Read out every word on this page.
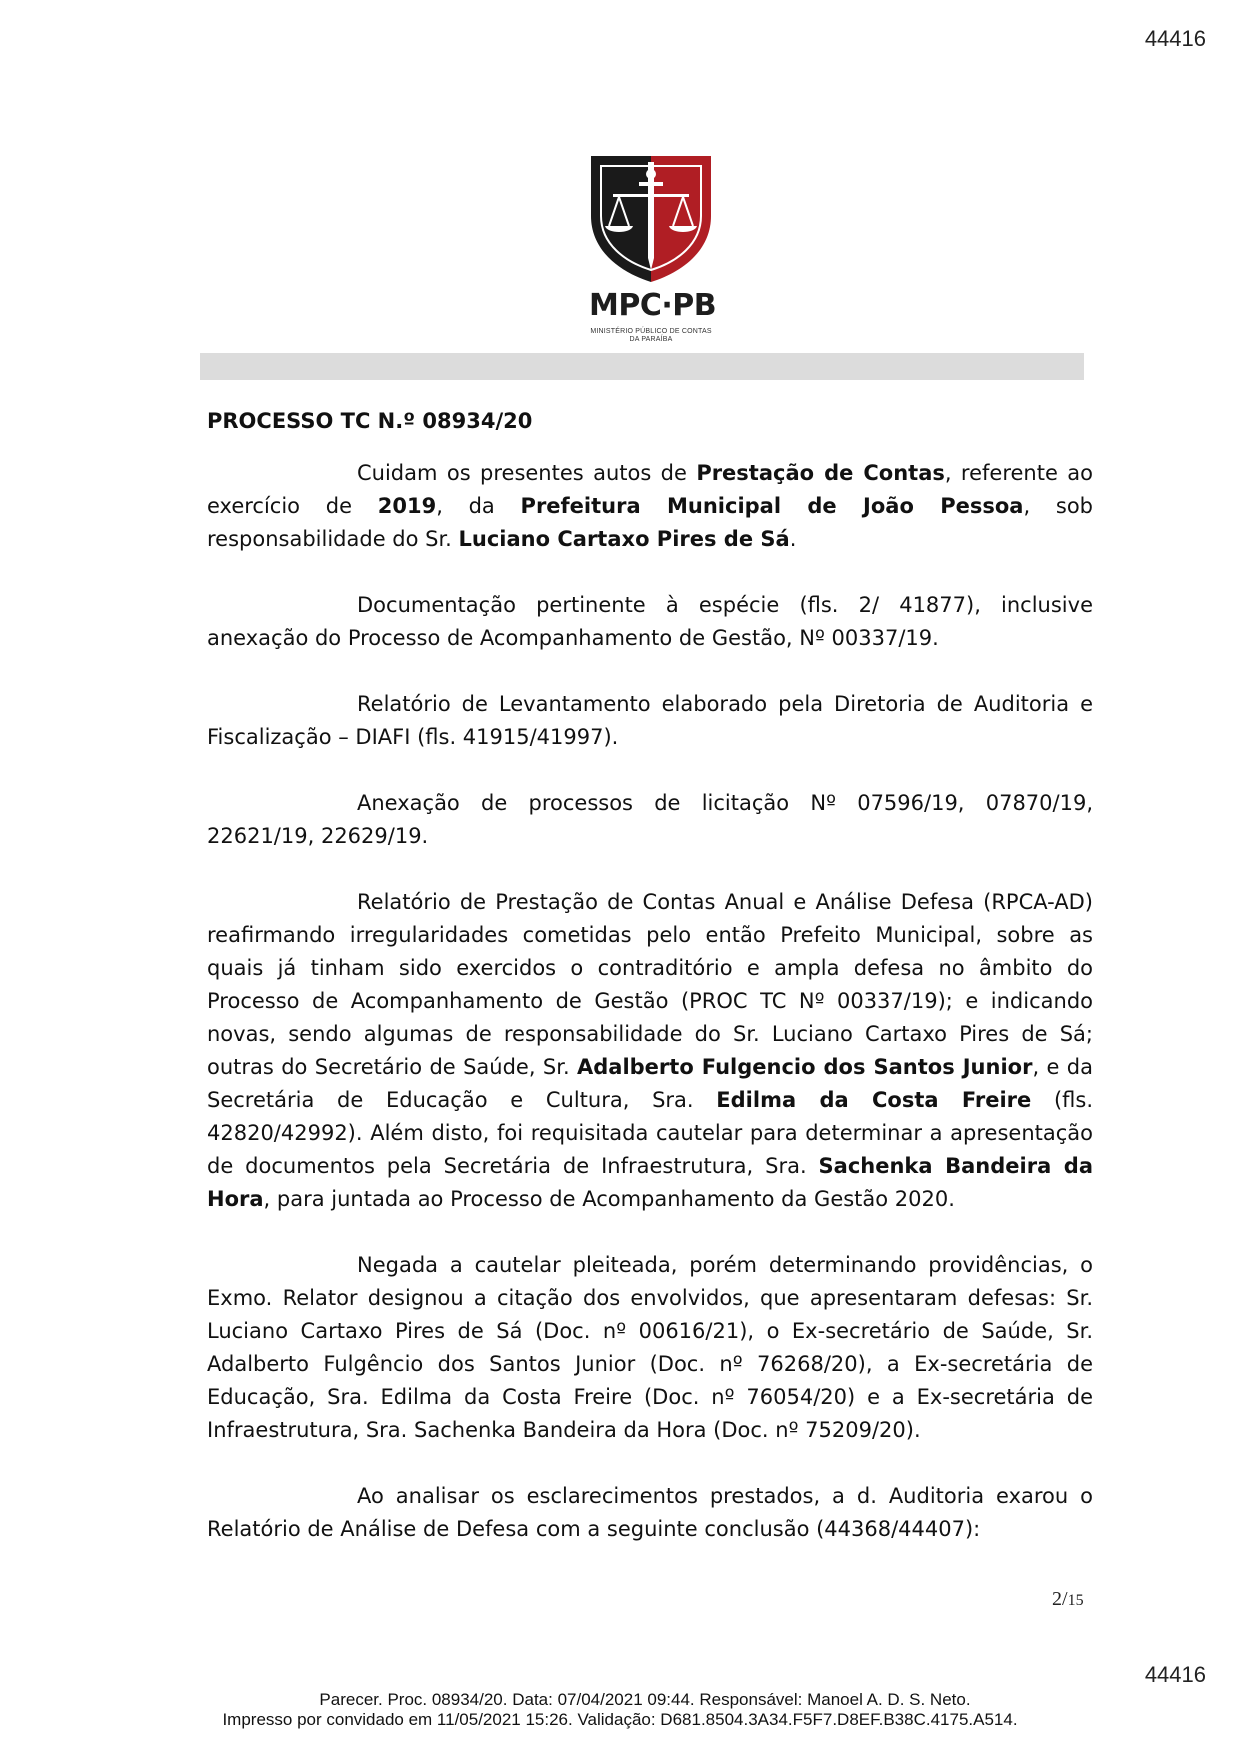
44416
MPC·PB
MINISTÉRIO PÚBLICO DE CONTAS
DA PARAÍBA
PROCESSO TC N.º 08934/20

Cuidam os presentes autos de Prestação de Contas, referente ao exercício de 2019, da Prefeitura Municipal de João Pessoa, sob responsabilidade do Sr. Luciano Cartaxo Pires de Sá.

Documentação pertinente à espécie (fls. 2/ 41877), inclusive anexação do Processo de Acompanhamento de Gestão, Nº 00337/19.

Relatório de Levantamento elaborado pela Diretoria de Auditoria e Fiscalização – DIAFI (fls. 41915/41997).

Anexação de processos de licitação Nº 07596/19, 07870/19, 22621/19, 22629/19.

Relatório de Prestação de Contas Anual e Análise Defesa (RPCA-AD) reafirmando irregularidades cometidas pelo então Prefeito Municipal, sobre as quais já tinham sido exercidos o contraditório e ampla defesa no âmbito do Processo de Acompanhamento de Gestão (PROC TC Nº 00337/19); e indicando novas, sendo algumas de responsabilidade do Sr. Luciano Cartaxo Pires de Sá; outras do Secretário de Saúde, Sr. Adalberto Fulgencio dos Santos Junior, e da Secretária de Educação e Cultura, Sra. Edilma da Costa Freire (fls. 42820/42992). Além disto, foi requisitada cautelar para determinar a apresentação de documentos pela Secretária de Infraestrutura, Sra. Sachenka Bandeira da Hora, para juntada ao Processo de Acompanhamento da Gestão 2020.

Negada a cautelar pleiteada, porém determinando providências, o Exmo. Relator designou a citação dos envolvidos, que apresentaram defesas: Sr. Luciano Cartaxo Pires de Sá (Doc. nº 00616/21), o Ex-secretário de Saúde, Sr. Adalberto Fulgêncio dos Santos Junior (Doc. nº 76268/20), a Ex-secretária de Educação, Sra. Edilma da Costa Freire (Doc. nº 76054/20) e a Ex-secretária de Infraestrutura, Sra. Sachenka Bandeira da Hora (Doc. nº 75209/20).

Ao analisar os esclarecimentos prestados, a d. Auditoria exarou o Relatório de Análise de Defesa com a seguinte conclusão (44368/44407):

2/15
Parecer. Proc. 08934/20. Data: 07/04/2021 09:44. Responsável: Manoel A. D. S. Neto.
Impresso por convidado em 11/05/2021 15:26. Validação: D681.8504.3A34.F5F7.D8EF.B38C.4175.A514.
44416
